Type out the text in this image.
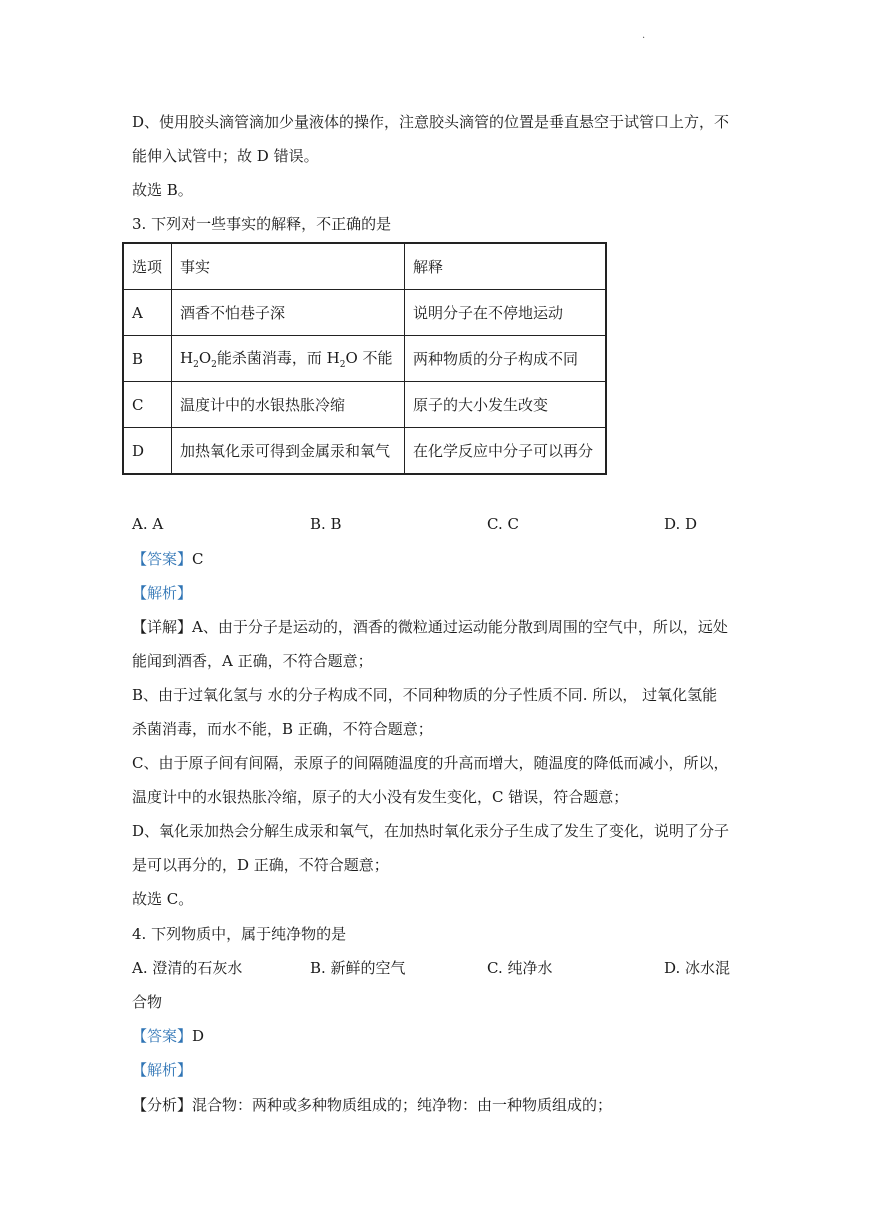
.
D、使用胶头滴管滴加少量液体的操作，注意胶头滴管的位置是垂直悬空于试管口上方，不
能伸入试管中；故 D 错误。
故选 B。
3. 下列对一些事实的解释，不正确的是
选项	事实	解释
A	酒香不怕巷子深	说明分子在不停地运动
B	$H_2O_2$能杀菌消毒，而 $H_2O$ 不能	两种物质的分子构成不同
C	温度计中的水银热胀冷缩	原子的大小发生改变
D	加热氧化汞可得到金属汞和氧气	在化学反应中分子可以再分
A. A	B. B	C. C	D. D
【答案】C
【解析】
【详解】A、由于分子是运动的，酒香的微粒通过运动能分散到周围的空气中，所以，远处
能闻到酒香，A 正确，不符合题意；
B、由于过氧化氢与 水的分子构成不同，不同种物质的分子性质不同. 所以， 过氧化氢能
杀菌消毒，而水不能，B 正确，不符合题意；
C、由于原子间有间隔，汞原子的间隔随温度的升高而增大，随温度的降低而减小，所以，
温度计中的水银热胀冷缩，原子的大小没有发生变化，C 错误，符合题意；
D、氧化汞加热会分解生成汞和氧气，在加热时氧化汞分子生成了发生了变化，说明了分子
是可以再分的，D 正确，不符合题意；
故选 C。
4. 下列物质中，属于纯净物的是
A. 澄清的石灰水	B. 新鲜的空气	C. 纯净水	D. 冰水混
合物
【答案】D
【解析】
【分析】混合物：两种或多种物质组成的；纯净物：由一种物质组成的；
